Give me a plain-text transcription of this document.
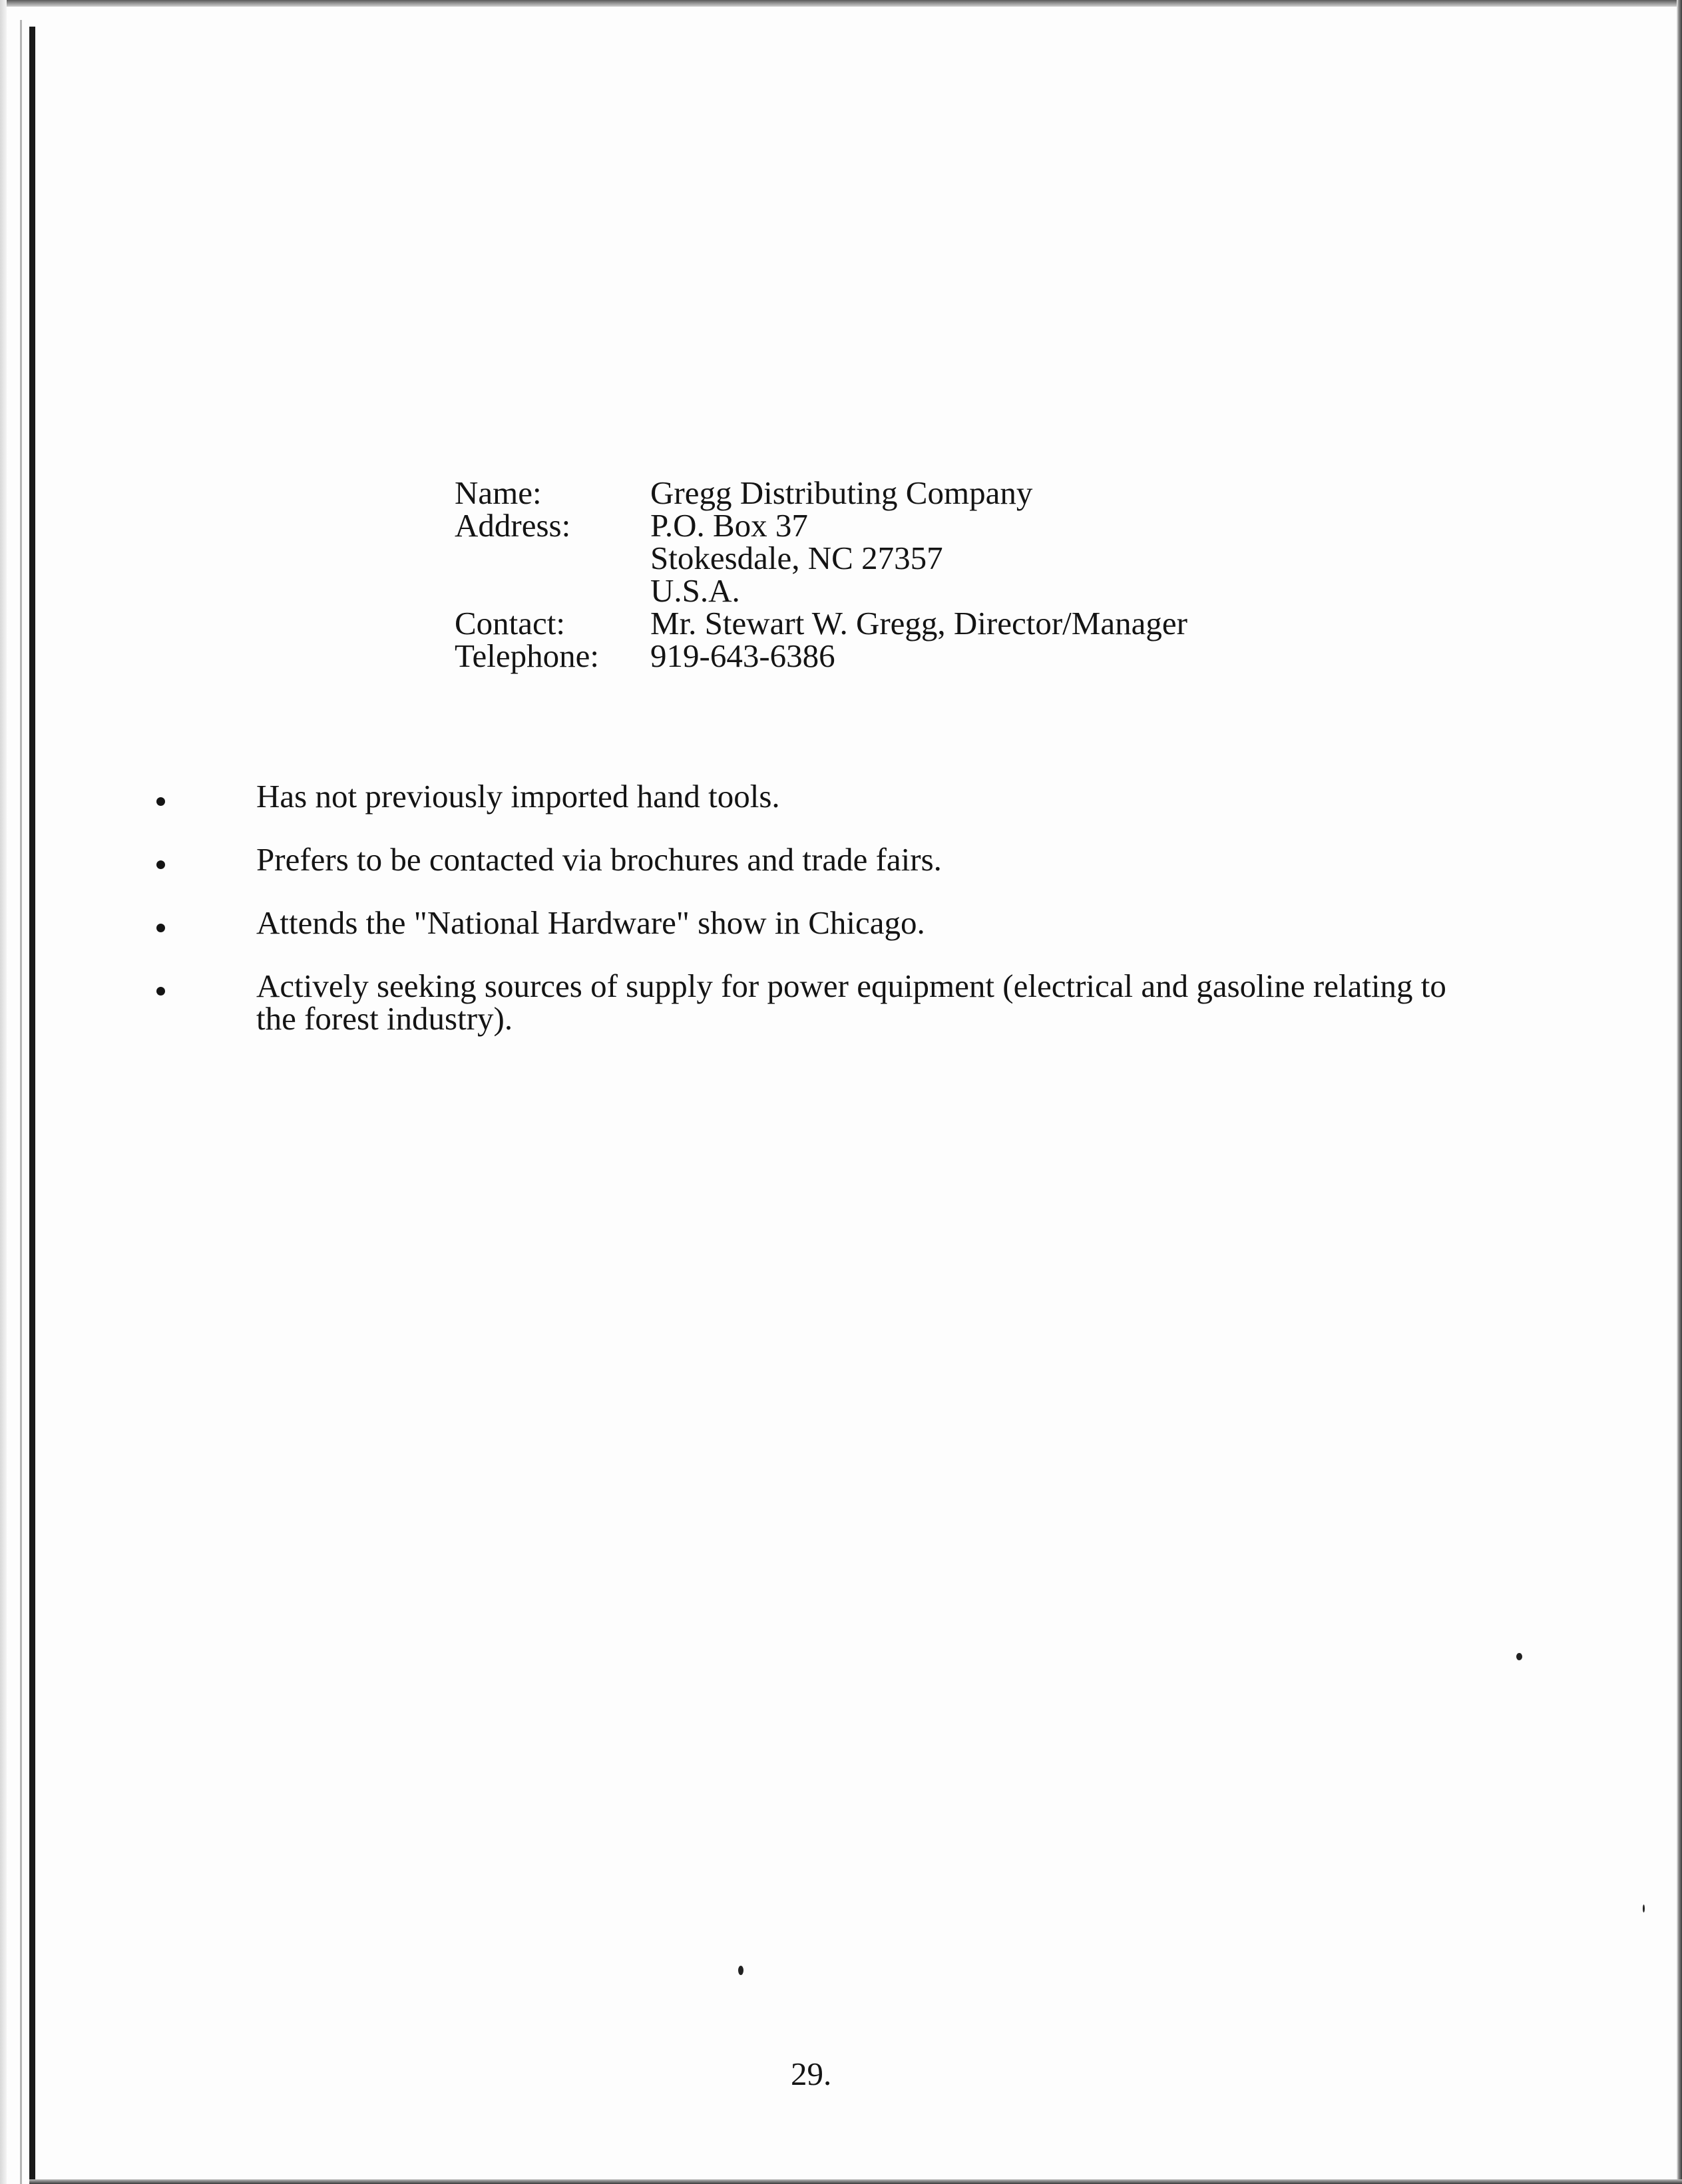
Name:	Gregg Distributing Company
Address:	P.O. Box 37
Stokesdale, NC 27357
U.S.A.
Contact:	Mr. Stewart W. Gregg, Director/Manager
Telephone:	919-643-6386
Has not previously imported hand tools.
Prefers to be contacted via brochures and trade fairs.
Attends the "National Hardware" show in Chicago.
Actively seeking sources of supply for power equipment (electrical and gasoline relating to the forest industry).
29.
